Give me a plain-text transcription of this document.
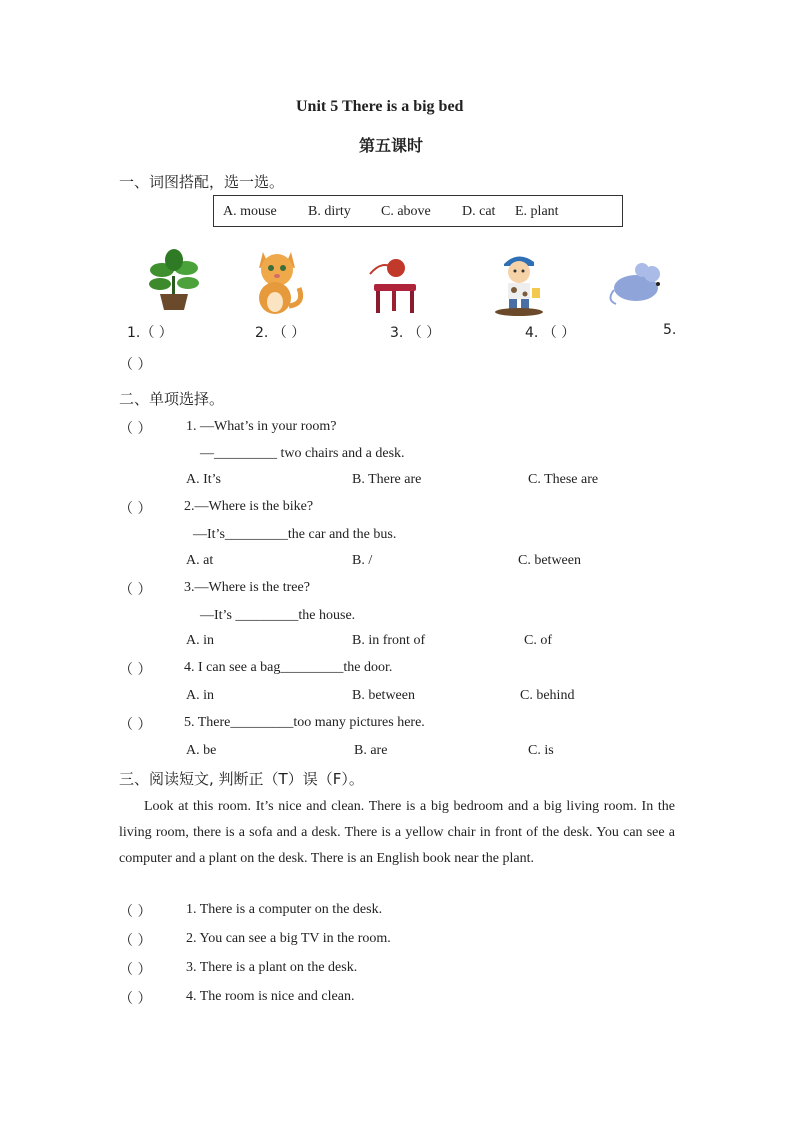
Unit 5 There is a big bed
第五课时
一、词图搭配，选一选。
A. mouse B. dirty C. above D. cat E. plant
1.（ ）	2. （ ）	3. （ ）	4. （ ）	5.
（ ）
二、单项选择。
（ ） 1. —What’s in your room?
—_________ two chairs and a desk.
A. It’s	B. There are	C. These are
（ ） 2.—Where is the bike?
—It’s_________the car and the bus.
A. at	B. /	C. between
（ ） 3.—Where is the tree?
—It’s _________the house.
A. in	B. in front of	C. of
（ ） 4. I can see a bag_________the door.
A. in	B. between	C. behind
（ ） 5. There_________too many pictures here.
A. be	B. are	C. is
三、阅读短文, 判断正（T）误（F）。
Look at this room. It’s nice and clean. There is a big bedroom and a big living room. In the living room, there is a sofa and a desk. There is a yellow chair in front of the desk. You can see a computer and a plant on the desk. There is an English book near the plant.
（ ） 1. There is a computer on the desk.
（ ） 2. You can see a big TV in the room.
（ ） 3. There is a plant on the desk.
（ ） 4. The room is nice and clean.
